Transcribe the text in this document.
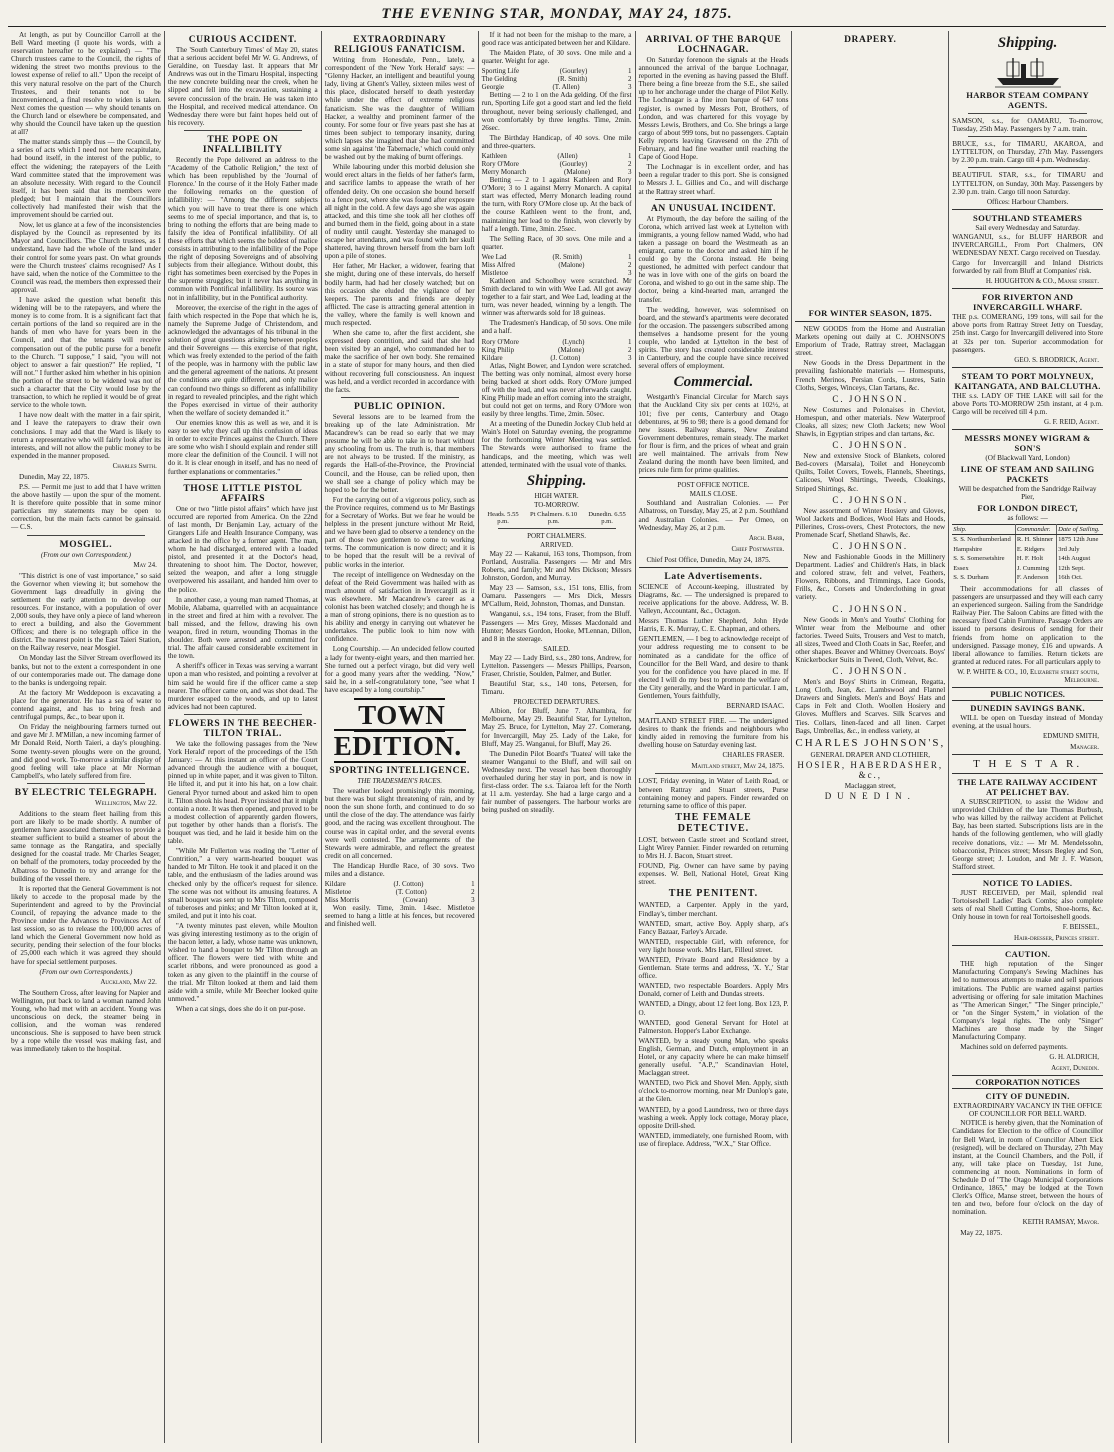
THE EVENING STAR, MONDAY, MAY 24, 1875.

At length, as put by Councillor Carroll at the Bell Ward meeting (I quote his words, with a reservation hereafter to be explained) — "The Church trustees came to the Council, the rights of widening the street two months previous to the lowest expense of relief to all." Upon the receipt of this very natural resolve on the part of the Church Trustees, and their tenants not to be inconvenienced, a final resolve to widen is taken. Next comes the question — why should tenants on the Church land or elsewhere be compensated, and why should the Council have taken up the question at all?

The matter stands simply thus — the Council, by a series of acts which I need not here recapitulate, had bound itself, in the interest of the public, to effect the widening; the ratepayers of the Leith Ward committee stated that the improvement was an absolute necessity. With regard to the Council itself, it has been said that its members were pledged; but I maintain that the Councillors collectively had manifested their wish that the improvement should be carried out.

Now, let us glance at a few of the inconsistencies displayed by the Council as represented by its Mayor and Councillors. The Church trustees, as I understand, have had the whole of the land under their control for some years past. On what grounds were the Church trustees' claims recognised? As I have said, when the notice of the Committee to the Council was read, the members then expressed their approval.

I have asked the question what benefit this widening will be to the ratepayers, and where the money is to come from. It is a significant fact that certain portions of the land so required are in the hands of men who have for years been in the Council, and that the tenants will receive compensation out of the public purse for a benefit to the Church. "I suppose," I said, "you will not object to answer a fair question?" He replied, "I will not." I further asked him whether in his opinion the portion of the street to be widened was not of such a character that the City would lose by the transaction, to which he replied it would be of great service to the whole town.

I have now dealt with the matter in a fair spirit, and I leave the ratepayers to draw their own conclusions. I may add that the Ward is likely to return a representative who will fairly look after its interests, and will not allow the public money to be expended in the manner proposed.

Charles Smith.

Dunedin, May 22, 1875.

P.S. — Permit me just to add that I have written the above hastily — upon the spur of the moment. It is therefore quite possible that in some minor particulars my statements may be open to correction, but the main facts cannot be gainsaid. — C.S.

MOSGIEL.
(From our own Correspondent.)
May 24.

"This district is one of vast importance," so said the Governor when viewing it; but somehow the Government lags dreadfully in giving the settlement the early attention to develop our resources. For instance, with a population of over 2,000 souls, they have only a piece of land whereon to erect a building, and also the Government Offices; and there is no telegraph office in the district. The nearest point is the East Taieri Station, on the Railway reserve, near Mosgiel.

On Monday last the Silver Stream overflowed its banks, but not to the extent a correspondent in one of our contemporaries made out. The damage done to the banks is undergoing repair.

At the factory Mr Weddepoon is excavating a place for the generator. He has a sea of water to contend against, and has to bring fresh and centrifugal pumps, &c., to bear upon it.

On Friday the neighbouring farmers turned out and gave Mr J. M'Millan, a new incoming farmer of Mr Donald Reid, North Taieri, a day's ploughing. Some twenty-seven ploughs were on the ground, and did good work. To-morrow a similar display of good feeling will take place at Mr Norman Campbell's, who lately suffered from fire.

BY ELECTRIC TELEGRAPH.
Wellington, May 22.

Additions to the steam fleet hailing from this port are likely to be made shortly. A number of gentlemen have associated themselves to provide a steamer sufficient to build a steamer of about the same tonnage as the Rangatira, and specially designed for the coastal trade. Mr Charles Seager, on behalf of the promoters, today proceeded by the Albatross to Dunedin to try and arrange for the building of the vessel there.

It is reported that the General Government is not likely to accede to the proposal made by the Superintendent and agreed to by the Provincial Council, of repaying the advance made to the Province under the Advances to Provinces Act of last session, so as to release the 100,000 acres of land which the General Government now hold as security, pending their selection of the four blocks of 25,000 each which it was agreed they should have for special settlement purposes.

(From our own Correspondents.)
Auckland, May 22.

The Southern Cross, after leaving for Napier and Wellington, put back to land a woman named John Young, who had met with an accident. Young was unconscious on deck, the steamer being in collision, and the woman was rendered unconscious. She is supposed to have been struck by a rope while the vessel was making fast, and was immediately taken to the hospital.

CURIOUS ACCIDENT.

The 'South Canterbury Times' of May 20, states that a serious accident befel Mr W. G. Andrews, of Geraldine, on Tuesday last. It appears that Mr Andrews was out in the Timaru Hospital, inspecting the new concrete building near the creek, when he slipped and fell into the excavation, sustaining a severe concussion of the brain. He was taken into the Hospital, and received medical attendance. On Wednesday there were but faint hopes held out of his recovery.

THE POPE ON INFALLIBILITY

Recently the Pope delivered an address to the "Academy of the Catholic Religion," the text of which has been republished by the 'Journal of Florence.' In the course of it the Holy Father made the following remarks on the question of infallibility: — "Among the different subjects which you will have to treat there is one which seems to me of special importance, and that is, to bring to nothing the efforts that are being made to falsify the idea of Pontifical infallibility. Of all these efforts that which seems the boldest of malice consists in attributing to the infallibility of the Pope the right of deposing Sovereigns and of absolving subjects from their allegiance. Without doubt, this right has sometimes been exercised by the Popes in the supreme struggles; but it never has anything in common with Pontifical infallibility. Its source was not in infallibility, but in the Pontifical authority.

Moreover, the exercise of the right in the ages of faith which respected in the Pope that which he is, namely the Supreme Judge of Christendom, and acknowledged the advantages of his tribunal in the solution of great questions arising between peoples and their Sovereigns — this exercise of that right, which was freely extended to the period of the faith of the people, was in harmony with the public law and the general agreement of the nations. At present the conditions are quite different, and only malice can confound two things so different as infallibility in regard to revealed principles, and the right which the Popes exercised in virtue of their authority when the welfare of society demanded it."

Our enemies know this as well as we, and it is easy to see why they call up this confusion of ideas in order to excite Princes against the Church. There are some who wish I should explain and render still more clear the definition of the Council. I will not do it. It is clear enough in itself, and has no need of further explanations or commentaries."

THOSE LITTLE PISTOL AFFAIRS

One or two "little pistol affairs" which have just occurred are reported from America. On the 22nd of last month, Dr Benjamin Lay, actuary of the Grangers Life and Health Insurance Company, was attacked in the office by a former agent. The man, whom he had discharged, entered with a loaded pistol, and presented it at the Doctor's head, threatening to shoot him. The Doctor, however, seized the weapon, and after a long struggle overpowered his assailant, and handed him over to the police.

In another case, a young man named Thomas, at Mobile, Alabama, quarrelled with an acquaintance in the street and fired at him with a revolver. The ball missed, and the fellow, drawing his own weapon, fired in return, wounding Thomas in the shoulder. Both were arrested and committed for trial. The affair caused considerable excitement in the town.

A sheriff's officer in Texas was serving a warrant upon a man who resisted, and pointing a revolver at him said he would fire if the officer came a step nearer. The officer came on, and was shot dead. The murderer escaped to the woods, and up to latest advices had not been captured.

FLOWERS IN THE BEECHER-TILTON TRIAL.

We take the following passages from the 'New York Herald' report of the proceedings of the 15th January: — At this instant an officer of the Court advanced through the audience with a bouquet, pinned up in white paper, and it was given to Tilton. He lifted it, and put it into his hat, on a low chair. General Pryor turned about and asked him to open it. Tilton shook his head. Pryor insisted that it might contain a note. It was then opened, and proved to be a modest collection of apparently garden flowers, put together by other hands than a florist's. The bouquet was tied, and he laid it beside him on the table.

"While Mr Fullerton was reading the "Letter of Contrition," a very warm-hearted bouquet was handed to Mr Tilton. He took it and placed it on the table, and the enthusiasm of the ladies around was checked only by the officer's request for silence. The scene was not without its amusing features. A small bouquet was sent up to Mrs Tilton, composed of tuberoses and pinks; and Mr Tilton looked at it, smiled, and put it into his coat.

"A twenty minutes past eleven, while Moulton was giving interesting testimony as to the origin of the bacon letter, a lady, whose name was unknown, wished to hand a bouquet to Mr Tilton through an officer. The flowers were tied with white and scarlet ribbons, and were pronounced as good a token as any given to the plaintiff in the course of the trial. Mr Tilton looked at them and laid them aside with a smile, while Mr Beecher looked quite unmoved."

When a cat sings, does she do it on pur-pose.

EXTRAORDINARY RELIGIOUS FANATICISM.

Writing from Honesdale, Penn., lately, a correspondent of the 'New York Herald' says: — "Glenny Hacker, an intelligent and beautiful young lady, living at Ghent's Valley, sixteen miles west of this place, dislocated herself to death yesterday while under the effect of extreme religious fanaticism. She was the daughter of William Hacker, a wealthy and prominent farmer of the county. For some four or five years past she has at times been subject to temporary insanity, during which lapses she imagined that she had committed some sin against 'the Tabernacle,' which could only be washed out by the making of burnt offerings.

While labouring under this morbid delusion she would erect altars in the fields of her father's farm, and sacrifice lambs to appease the wrath of her offended deity. On one occasion she bound herself to a fence post, where she was found after exposure all night in the cold. A few days ago she was again attacked, and this time she took all her clothes off and burned them in the field, going about in a state of nudity until caught. Yesterday she managed to escape her attendants, and was found with her skull shattered, having thrown herself from the barn loft upon a pile of stones.

Her father, Mr Hacker, a widower, fearing that she might, during one of these intervals, do herself bodily harm, had had her closely watched; but on this occasion she eluded the vigilance of her keepers. The parents and friends are deeply afflicted. The case is attracting general attention in the valley, where the family is well known and much respected.

When she came to, after the first accident, she expressed deep contrition, and said that she had been visited by an angel, who commanded her to make the sacrifice of her own body. She remained in a state of stupor for many hours, and then died without recovering full consciousness. An inquest was held, and a verdict recorded in accordance with the facts.

PUBLIC OPINION.

Several lessons are to be learned from the breaking up of the late Administration. Mr Macandrew's can be read so early that we may presume he will be able to take in to heart without any schooling from us. The truth is, that members are not always to be trusted. If the ministry, as regards the Hall-of-the-Province, the Provincial Council, and the House, can be relied upon, then we shall see a change of policy which may be hoped to be for the better.

For the carrying out of a vigorous policy, such as the Province requires, commend us to Mr Bastings for a Secretary of Works. But we fear he would be helpless in the present juncture without Mr Reid, and we have been glad to observe a tendency on the part of those two gentlemen to come to working terms. The communication is now direct; and it is to be hoped that the result will be a revival of public works in the interior.

The receipt of intelligence on Wednesday on the defeat of the Reid Government was hailed with as much amount of satisfaction in Invercargill as it was elsewhere. Mr Macandrew's career as a colonist has been watched closely; and though he is a man of strong opinions, there is no question as to his ability and energy in carrying out whatever he undertakes. The public look to him now with confidence.

Long Courtship. — An undecided fellow courted a lady for twenty-eight years, and then married her. She turned out a perfect virago, but did very well for a good many years after the wedding. "Now," said he, in a self-congratulatory tone, "see what I have escaped by a long courtship."

TOWN EDITION.
SPORTING INTELLIGENCE.
THE TRADESMEN'S RACES.

The weather looked promisingly this morning, but there was but slight threatening of rain, and by noon the sun shone forth, and continued to do so until the close of the day. The attendance was fairly good, and the racing was excellent throughout. The course was in capital order, and the several events were well contested. The arrangements of the Stewards were admirable, and reflect the greatest credit on all concerned.

The Handicap Hurdle Race, of 30 sovs. Two miles and a distance.

Kildare	(J. Cotton)	1
Mistletoe	(T. Cotton)	2
Miss Morris	(Cowan)	3

Won easily. Time, 3min. 14sec. Mistletoe seemed to hang a little at his fences, but recovered and finished well.

If it had not been for the mishap to the mare, a good race was anticipated between her and Kildare.

The Maiden Plate, of 30 sovs. One mile and a quarter. Weight for age.

Sporting Life	(Gourley)	1
The Gelding	(R. Smith)	2
Georgie	(T. Allen)	3

Betting — 2 to 1 on the Ada gelding. Of the first run, Sporting Life got a good start and led the field throughout, never being seriously challenged, and won comfortably by three lengths. Time, 2min. 26sec.

The Birthday Handicap, of 40 sovs. One mile and three-quarters.

Kathleen	(Allen)	1
Rory O'More	(Gourley)	2
Merry Monarch	(Malone)	3

Betting — 2 to 1 against Kathleen and Rory O'More; 3 to 1 against Merry Monarch. A capital start was effected, Merry Monarch leading round the turn, with Rory O'More close up. At the back of the course Kathleen went to the front, and, maintaining her lead to the finish, won cleverly by half a length. Time, 3min. 25sec.

The Selling Race, of 30 sovs. One mile and a quarter.

Wee Lad	(R. Smith)	1
Miss Alfred	(Malone)	2
Mistletoe	3

Kathleen and Schoolboy were scratched. Mr Smith declared to win with Wee Lad. All got away together to a fair start, and Wee Lad, leading at the turn, was never headed, winning by a length. The winner was afterwards sold for 18 guineas.

The Tradesmen's Handicap, of 50 sovs. One mile and a half.

Rory O'More	(Lynch)	1
King Philip	(Malone)	2
Kildare	(J. Cotton)	3

Atlas, Night Bower, and Lyndon were scratched. The betting was only nominal, almost every horse being backed at short odds. Rory O'More jumped off with the lead, and was never afterwards caught. King Philip made an effort coming into the straight, but could not get on terms, and Rory O'More won easily by three lengths. Time, 2min. 50sec.

At a meeting of the Dunedin Jockey Club held at Wain's Hotel on Saturday evening, the programme for the forthcoming Winter Meeting was settled. The Stewards were authorised to frame the handicaps, and the meeting, which was well attended, terminated with the usual vote of thanks.

Shipping.
HIGH WATER.
TO-MORROW.
Heads. 5.55 p.m.
Pt Chalmers. 6.10 p.m.
Dunedin. 6.55 p.m.
PORT CHALMERS.
ARRIVED.

May 22 — Kakanui, 163 tons, Thompson, from Portland, Australia. Passengers — Mr and Mrs Roberts, and family; Mr and Mrs Dickson; Messrs Johnston, Gordon, and Murray.

May 23 — Samson, s.s., 151 tons, Ellis, from Oamaru. Passengers — Mrs Dick, Messrs M'Callum, Reid, Johnston, Thomas, and Dunstan.

Wanganui, s.s., 194 tons, Fraser, from the Bluff. Passengers — Mrs Grey, Misses Macdonald and Hunter; Messrs Gordon, Hooke, M'Lennan, Dillon, and 8 in the steerage.

SAILED.

May 22 — Lady Bird, s.s., 280 tons, Andrew, for Lyttelton. Passengers — Messrs Phillips, Pearson, Fraser, Christie, Soulden, Palmer, and Butler.

Beautiful Star, s.s., 140 tons, Petersen, for Timaru.

PROJECTED DEPARTURES.

Albion, for Bluff, June 7. Alhambra, for Melbourne, May 29. Beautiful Star, for Lyttelton, May 25. Bruce, for Lyttelton, May 27. Comerang, for Invercargill, May 25. Lady of the Lake, for Bluff, May 25. Wanganui, for Bluff, May 26.

The Dunedin Pilot Board's 'Tuatea' will take the steamer Wanganui to the Bluff, and will sail on Wednesday next. The vessel has been thoroughly overhauled during her stay in port, and is now in first-class order. The s.s. Taiaroa left for the North at 11 a.m. yesterday. She had a large cargo and a fair number of passengers. The harbour works are being pushed on steadily.

ARRIVAL OF THE BARQUE LOCHNAGAR.

On Saturday forenoon the signals at the Heads announced the arrival of the barque Lochnagar, reported in the evening as having passed the Bluff. There being a fine breeze from the S.E., she sailed up to her anchorage under the charge of Pilot Kelly. The Lochnagar is a fine iron barque of 647 tons register, is owned by Messrs Pott, Brothers, of London, and was chartered for this voyage by Messrs Lewis, Brothers, and Co. She brings a large cargo of about 999 tons, but no passengers. Captain Kelly reports leaving Gravesend on the 27th of February, and had fine weather until reaching the Cape of Good Hope.

The Lochnagar is in excellent order, and has been a regular trader to this port. She is consigned to Messrs J. L. Gillies and Co., and will discharge at the Rattray street wharf.

AN UNUSUAL INCIDENT.

At Plymouth, the day before the sailing of the Corona, which arrived last week at Lyttelton with immigrants, a young fellow named Wadd, who had taken a passage on board the Westmeath as an emigrant, came to the doctor and asked him if he could go by the Corona instead. He being questioned, he admitted with perfect candour that he was in love with one of the girls on board the Corona, and wished to go out in the same ship. The doctor, being a kind-hearted man, arranged the transfer.

The wedding, however, was solemnised on board, and the steward's apartments were decorated for the occasion. The passengers subscribed among themselves a handsome present for the young couple, who landed at Lyttelton in the best of spirits. The story has created considerable interest in Canterbury, and the couple have since received several offers of employment.

Commercial.

Westgarth's Financial Circular for March says that the Auckland City six per cents at 102½, at 101; five per cents, Canterbury and Otago debentures, at 96 to 98; there is a good demand for new issues. Railway shares, New Zealand Government debentures, remain steady. The market for flour is firm, and the prices of wheat and grain are well maintained. The arrivals from New Zealand during the month have been limited, and prices rule firm for prime qualities.

POST OFFICE NOTICE.
MAILS CLOSE.

Southland and Australian Colonies. — Per Albatross, on Tuesday, May 25, at 2 p.m. Southland and Australian Colonies. — Per Omeo, on Wednesday, May 26, at 2 p.m.

Arch. Barr,
Chief Postmaster.

Chief Post Office, Dunedin, May 24, 1875.

Late Advertisements.

SCIENCE of Account-keeping, illustrated by Diagrams, &c. — The undersigned is prepared to receive applications for the above. Address, W. B. Valleyn, Accountant, &c., Octagon.

Messrs Thomas Luther Shepherd, John Hyde Harris, E. K. Murray, C. E. Chapman, and others.

GENTLEMEN, — I beg to acknowledge receipt of your address requesting me to consent to be nominated as a candidate for the office of Councillor for the Bell Ward, and desire to thank you for the confidence you have placed in me. If elected I will do my best to promote the welfare of the City generally, and the Ward in particular. I am, Gentlemen, Yours faithfully,

BERNARD ISAAC.

MAITLAND STREET FIRE. — The undersigned desires to thank the friends and neighbours who kindly aided in removing the furniture from his dwelling house on Saturday evening last.

CHARLES FRASER.
Maitland street, May 24, 1875.

LOST, Friday evening, in Water of Leith Road, or between Rattray and Stuart streets, Purse containing money and papers. Finder rewarded on returning same to office of this paper.

THE FEMALE DETECTIVE.

LOST, between Castle street and Scotland street, Light Wirey Pannier. Finder rewarded on returning to Mrs H. J. Bacon, Stuart street.

FOUND, Pig. Owner can have same by paying expenses. W. Bell, National Hotel, Great King street.

THE PENITENT.

WANTED, a Carpenter. Apply in the yard, Findlay's, timber merchant.

WANTED, smart, active Boy. Apply sharp, at's Fancy Bazaar, Farley's Arcade.

WANTED, respectable Girl, with reference, for very light house work. Mrs Hart, Filleul street.

WANTED, Private Board and Residence by a Gentleman. State terms and address, 'X. Y.,' Star office.

WANTED, two respectable Boarders. Apply Mrs Donald, corner of Leith and Dundas streets.

WANTED, a Dingy, about 12 feet long. Box 123, P. O.

WANTED, good General Servant for Hotel at Palmerston. Hopper's Labor Exchange.

WANTED, by a steady young Man, who speaks English, German, and Dutch, employment in an Hotel, or any capacity where he can make himself generally useful. "A.P.," Scandinavian Hotel, Maclaggan street.

WANTED, two Pick and Shovel Men. Apply, sixth o'clock to-morrow morning, near Mr Dunlop's gate, at the Glen.

WANTED, by a good Laundress, two or three days washing a week. Apply lock cottage, Moray place, opposite Drill-shed.

WANTED, immediately, one furnished Room, with use of fireplace. Address, "W.X.," Star Office.

DRAPERY.
FOR WINTER SEASON, 1875.

NEW GOODS from the Home and Australian Markets opening out daily at C. JOHNSON'S Emporium of Trade, Rattray street, Maclaggan street.

New Goods in the Dress Department in the prevailing fashionable materials — Homespuns, French Merinos, Persian Cords, Lustres, Satin Cloths, Serges, Winceys, Clan Tartans, &c.

C. JOHNSON.

New Costumes and Polonaises in Cheviot, Homespun, and other materials. New Waterproof Cloaks, all sizes; new Cloth Jackets; new Wool Shawls, in Egyptian stripes and clan tartans, &c.

C. JOHNSON.

New and extensive Stock of Blankets, colored Bed-covers (Marsala), Toilet and Honeycomb Quilts, Toilet Covers, Towels, Flannels, Sheetings, Calicoes, Wool Shirtings, Tweeds, Cloakings, Striped Shirtings, &c.

C. JOHNSON.

New assortment of Winter Hosiery and Gloves, Wool Jackets and Bodices, Wool Hats and Hoods, Pillerines, Cross-overs, Chest Protectors, the new Promenade Scarf, Shetland Shawls, &c.

C. JOHNSON.

New and Fashionable Goods in the Millinery Department. Ladies' and Children's Hats, in black and colored straw, felt and velvet, Feathers, Flowers, Ribbons, and Trimmings, Lace Goods, Frills, &c., Corsets and Underclothing in great variety.

C. JOHNSON.

New Goods in Men's and Youths' Clothing for Winter wear from the Melbourne and other factories. Tweed Suits, Trousers and Vest to match, all sizes, Tweed and Cloth Coats in Sac, Reefer, and other shapes. Beaver and Whitney Overcoats. Boys' Knickerbocker Suits in Tweed, Cloth, Velvet, &c.

C. JOHNSON.

Men's and Boys' Shirts in Crimean, Regatta, Long Cloth, Jean, &c. Lambswool and Flannel Drawers and Singlets. Men's and Boys' Hats and Caps in Felt and Cloth. Woollen Hosiery and Gloves. Mufflers and Scarves. Silk Scarves and Ties. Collars, linen-faced and all linen. Carpet Bags, Umbrellas, &c., in endless variety, at

CHARLES JOHNSON'S,
GENERAL DRAPER AND CLOTHIER,
HOSIER, HABERDASHER, &c.,
Maclaggan street,
DUNEDIN.
Shipping.
HARBOR STEAM COMPANY AGENTS.

SAMSON, s.s., for OAMARU, To-morrow, Tuesday, 25th May. Passengers by 7 a.m. train.

BRUCE, s.s., for TIMARU, AKAROA, and LYTTELTON, on Thursday, 27th May. Passengers by 2.30 p.m. train. Cargo till 4 p.m. Wednesday.

BEAUTIFUL STAR, s.s., for TIMARU and LYTTELTON, on Sunday, 30th May. Passengers by 2.30 p.m. train. Cargo till noon Saturday.

Offices: Harbour Chambers.
SOUTHLAND STEAMERS
Sail every Wednesday and Saturday.

WANGANUI, s.s., for BLUFF HARBOR and INVERCARGILL, From Port Chalmers, ON WEDNESDAY NEXT. Cargo received on Tuesday.

Cargo for Invercargill and Inland Districts forwarded by rail from Bluff at Companies' risk.

H. HOUGHTON & CO., Manse street.
FOR RIVERTON AND INVERCARGILL WHARF.

THE p.s. COMERANG, 199 tons, will sail for the above ports from Rattray Street Jetty on Tuesday, 25th inst. Cargo for Invercargill delivered into Store at 32s per ton. Superior accommodation for passengers.

GEO. S. BRODRICK, Agent.
STEAM TO PORT MOLYNEUX, KAITANGATA, AND BALCLUTHA.

THE s.s. LADY OF THE LAKE will sail for the above Ports TO-MORROW 25th instant, at 4 p.m. Cargo will be received till 4 p.m.

G. F. REID, Agent.
MESSRS MONEY WIGRAM & SON'S
(Of Blackwall Yard, London)
LINE OF STEAM AND SAILING PACKETS
Will be despatched from the Sandridge Railway Pier,
FOR LONDON DIRECT,
as follows: —
Ship.	Commander.	Date of Sailing.
S. S. Northumberland	R. H. Shinner	1875 12th June
Hampshire	E. Ridgers	3rd July
S. S. Somersetshire	H. F. Holt	14th August
Essex	J. Cumming	12th Sept.
S. S. Durham	F. Anderson	16th Oct.

Their accommodations for all classes of passengers are unsurpassed and they will each carry an experienced surgeon. Sailing from the Sandridge Railway Pier. The Saloon Cabins are fitted with the necessary fixed Cabin Furniture. Passage Orders are issued to persons desirous of sending for their friends from home on application to the undersigned. Passage money, £16 and upwards. A liberal allowance to families. Return tickets are granted at reduced rates. For all particulars apply to

W. P. WHITE & CO., 10, Elizabeth street south, Melbourne.
PUBLIC NOTICES.
DUNEDIN SAVINGS BANK.

WILL be open on Tuesday instead of Monday evening, at the usual hours.

EDMUND SMITH,
Manager.
T H E S T A R.
THE LATE RAILWAY ACCIDENT AT PELICHET BAY.

A SUBSCRIPTION, to assist the Widow and unprovided Children of the late Thomas Burbush, who was killed by the railway accident at Pelichet Bay, has been started. Subscriptions lists are in the hands of the following gentlemen, who will gladly receive donations, viz.: — Mr M. Mendelssohn, tobacconist, Princes street; Messrs Begley and Son, George street; J. Loudon, and Mr J. F. Watson, Stafford street.

NOTICE TO LADIES.

JUST RECEIVED, per Mail, splendid real Tortoiseshell Ladies' Back Combs; also complete sets of real Shell Cutting Combs, Shoe-horns, &c. Only house in town for real Tortoiseshell goods.

F. BEISSEL,
Hair-dresser, Princes street.
CAUTION.

THE high reputation of the Singer Manufacturing Company's Sewing Machines has led to numerous attempts to make and sell spurious imitations. The Public are warned against parties advertising or offering for sale imitation Machines as "The American Singer," "The Singer principle," or "on the Singer System," in violation of the Company's legal rights. The only "Singer" Machines are those made by the Singer Manufacturing Company.

Machines sold on deferred payments.

G. H. ALDRICH,
Agent, Dunedin.
CORPORATION NOTICES
CITY OF DUNEDIN.
EXTRAORDINARY VACANCY IN THE OFFICE OF COUNCILLOR FOR BELL WARD.

NOTICE is hereby given, that the Nomination of Candidates for Election to the office of Councillor for Bell Ward, in room of Councillor Albert Eick (resigned), will be declared on Thursday, 27th May instant, at the Council Chambers, and the Poll, if any, will take place on Tuesday, 1st June, commencing at noon. Nominations in form of Schedule D of "The Otago Municipal Corporations Ordinance, 1865," may be lodged at the Town Clerk's Office, Manse street, between the hours of ten and two, before four o'clock on the day of nomination.

KEITH RAMSAY, Mayor.

May 22, 1875.
